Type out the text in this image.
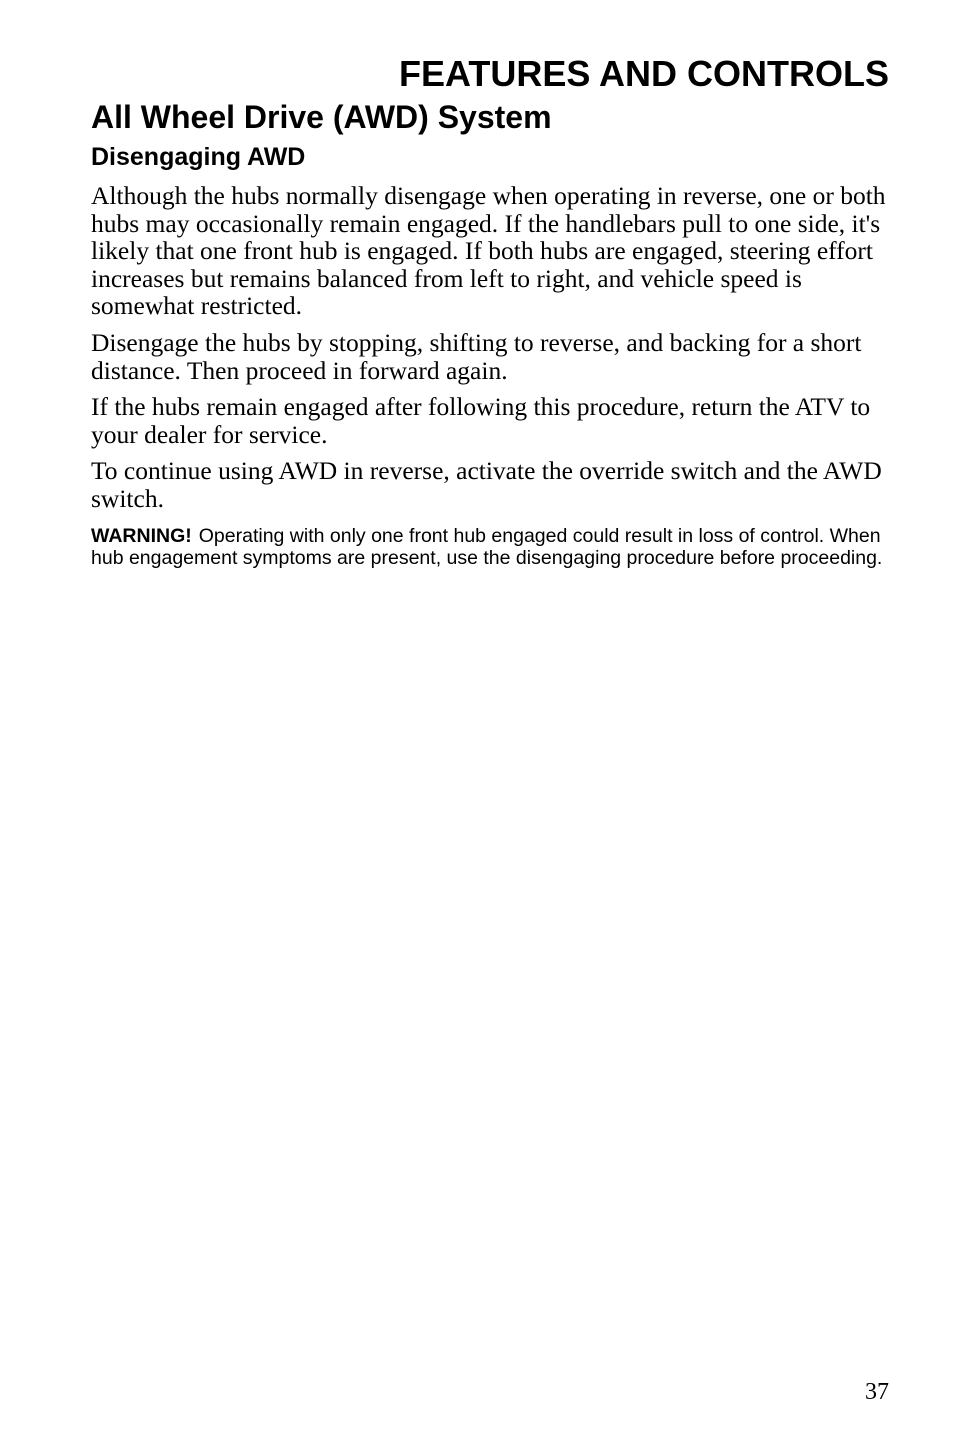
FEATURES AND CONTROLS
All Wheel Drive (AWD) System
Disengaging AWD

Although the hubs normally disengage when operating in reverse, one or both hubs may occasionally remain engaged. If the handlebars pull to one side, it's likely that one front hub is engaged. If both hubs are engaged, steering effort increases but remains balanced from left to right, and vehicle speed is somewhat restricted.

Disengage the hubs by stopping, shifting to reverse, and backing for a short distance. Then proceed in forward again.

If the hubs remain engaged after following this procedure, return the ATV to your dealer for service.

To continue using AWD in reverse, activate the override switch and the AWD switch.

WARNING! Operating with only one front hub engaged could result in loss of control. When hub engagement symptoms are present, use the disengaging procedure before proceeding.

37
